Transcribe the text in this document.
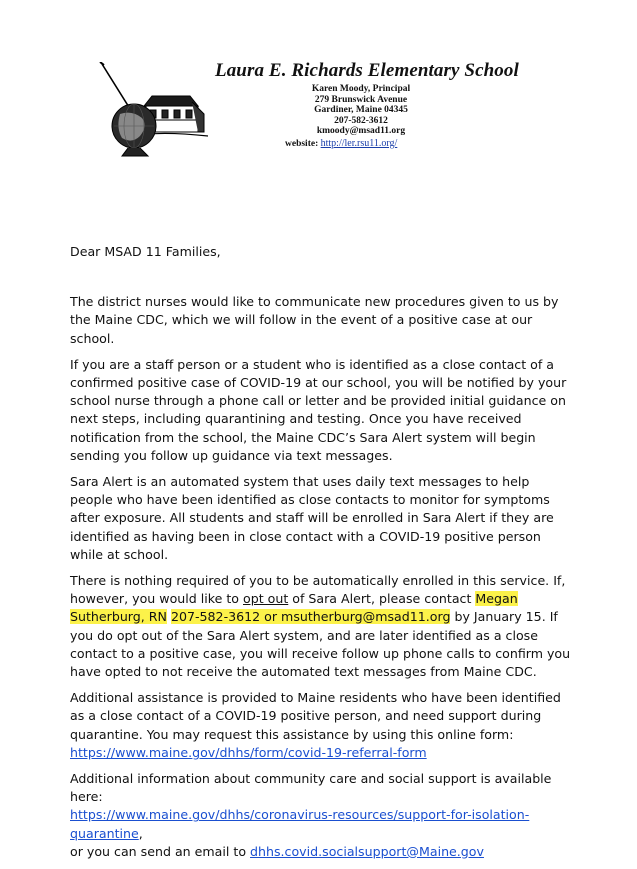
Laura E. Richards Elementary School
Karen Moody, Principal
279 Brunswick Avenue
Gardiner, Maine 04345
207-582-3612
kmoody@msad11.org
website: http://ler.rsu11.org/

Dear MSAD 11 Families,

The district nurses would like to communicate new procedures given to us by the Maine CDC, which we will follow in the event of a positive case at our school.

If you are a staff person or a student who is identified as a close contact of a confirmed positive case of COVID-19 at our school, you will be notified by your school nurse through a phone call or letter and be provided initial guidance on next steps, including quarantining and testing. Once you have received notification from the school, the Maine CDC’s Sara Alert system will begin sending you follow up guidance via text messages.

Sara Alert is an automated system that uses daily text messages to help people who have been identified as close contacts to monitor for symptoms after exposure. All students and staff will be enrolled in Sara Alert if they are identified as having been in close contact with a COVID-19 positive person while at school.

There is nothing required of you to be automatically enrolled in this service. If, however, you would like to opt out of Sara Alert, please contact Megan Sutherburg, RN 207-582-3612 or msutherburg@msad11.org by January 15. If you do opt out of the Sara Alert system, and are later identified as a close contact to a positive case, you will receive follow up phone calls to confirm you have opted to not receive the automated text messages from Maine CDC.

Additional assistance is provided to Maine residents who have been identified as a close contact of a COVID-19 positive person, and need support during quarantine. You may request this assistance by using this online form:
https://www.maine.gov/dhhs/form/covid-19-referral-form

Additional information about community care and social support is available here:
https://www.maine.gov/dhhs/coronavirus-resources/support-for-isolation-quarantine,
or you can send an email to dhhs.covid.socialsupport@Maine.gov
